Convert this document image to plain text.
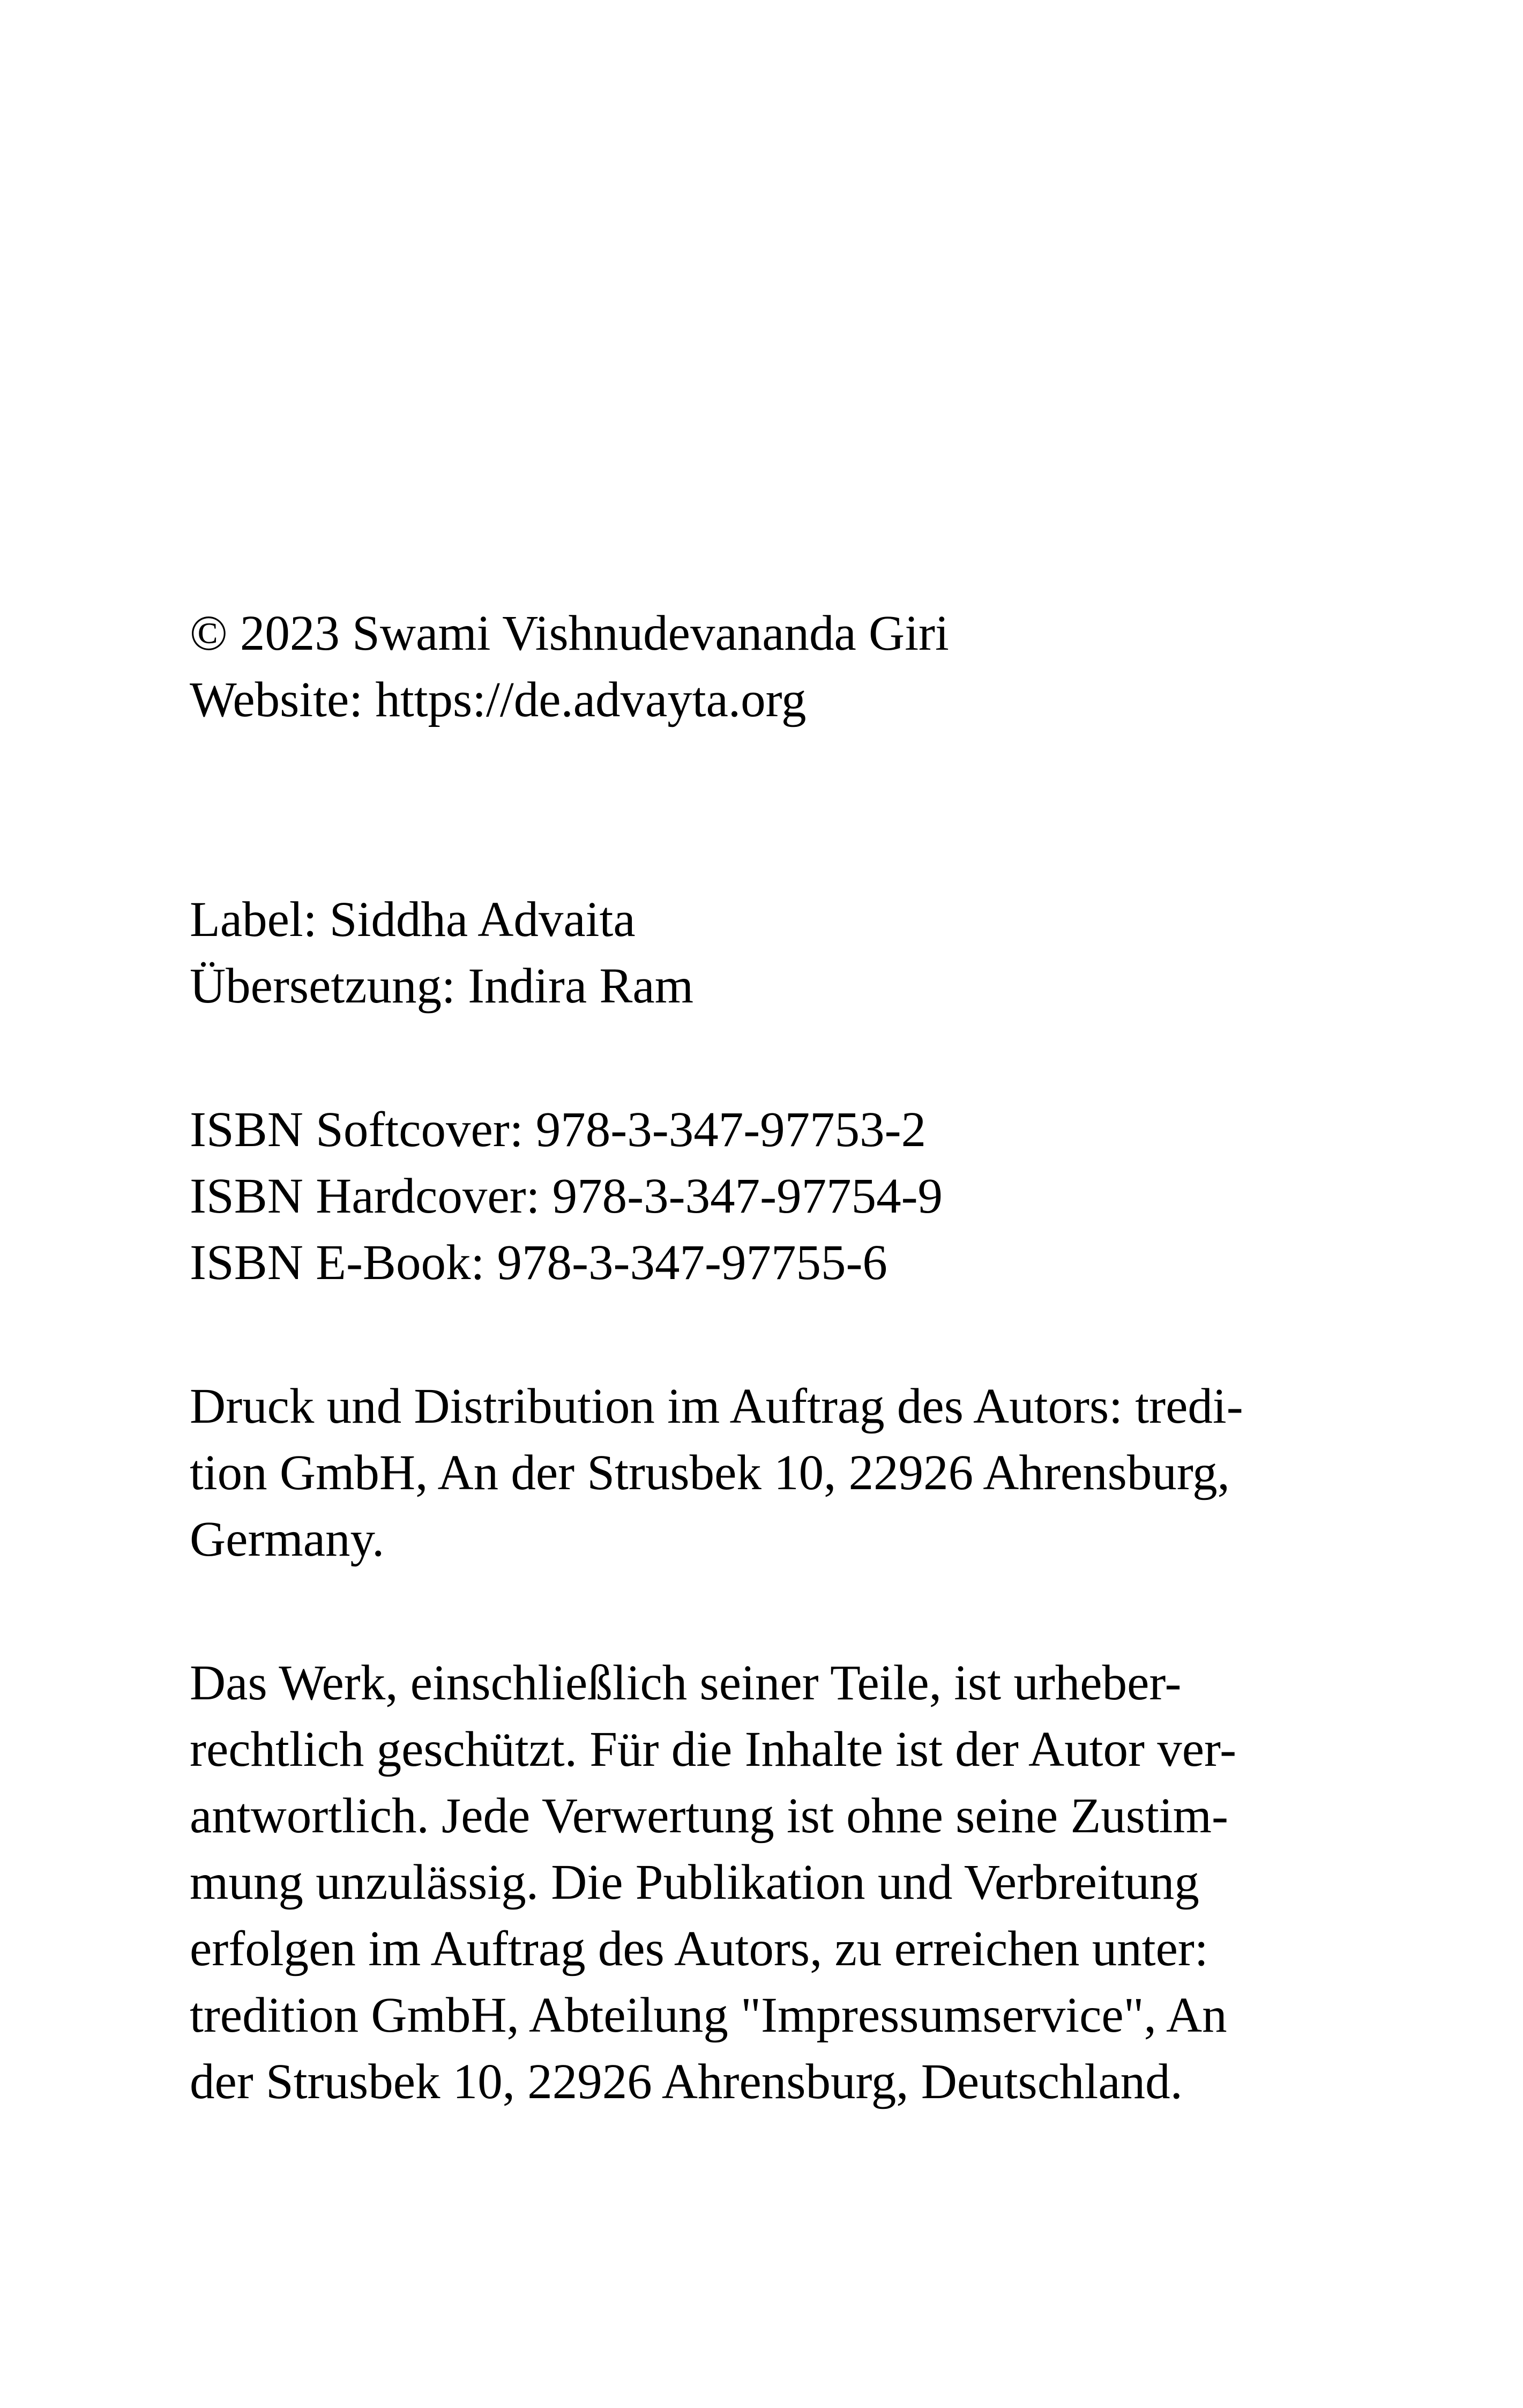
© 2023 Swami Vishnudevananda Giri
Website: https://de.advayta.org
Label: Siddha Advaita
Übersetzung: Indira Ram
ISBN Softcover: 978-3-347-97753-2
ISBN Hardcover: 978-3-347-97754-9
ISBN E-Book: 978-3-347-97755-6
Druck und Distribution im Auftrag des Autors: tredi-
tion GmbH, An der Strusbek 10, 22926 Ahrensburg,
Germany.
Das Werk, einschließlich seiner Teile, ist urheber-
rechtlich geschützt. Für die Inhalte ist der Autor ver-
antwortlich. Jede Verwertung ist ohne seine Zustim-
mung unzulässig. Die Publikation und Verbreitung
erfolgen im Auftrag des Autors, zu erreichen unter:
tredition GmbH, Abteilung "Impressumservice", An
der Strusbek 10, 22926 Ahrensburg, Deutschland.
